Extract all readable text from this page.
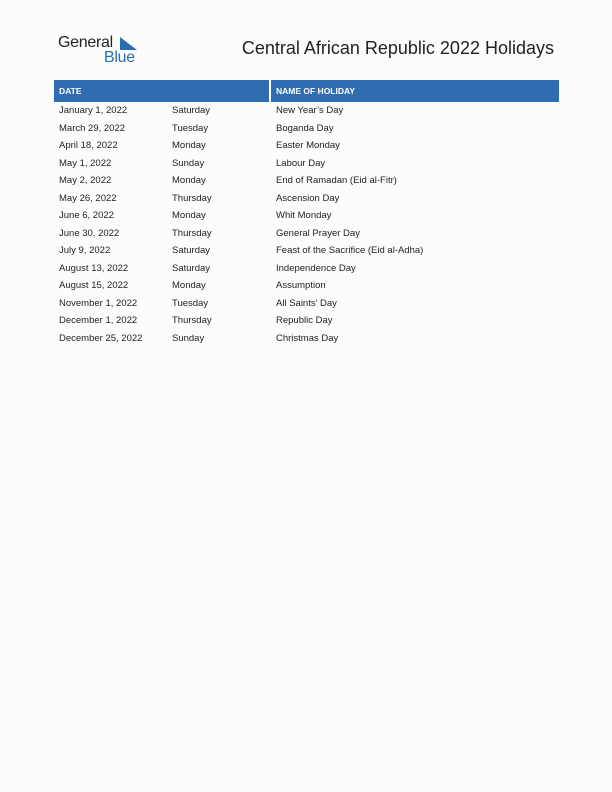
General
Blue	Central African Republic 2022 Holidays
DATE	NAME OF HOLIDAY
January 1, 2022	Saturday	New Year’s Day
March 29, 2022	Tuesday	Boganda Day
April 18, 2022	Monday	Easter Monday
May 1, 2022	Sunday	Labour Day
May 2, 2022	Monday	End of Ramadan (Eid al-Fitr)
May 26, 2022	Thursday	Ascension Day
June 6, 2022	Monday	Whit Monday
June 30, 2022	Thursday	General Prayer Day
July 9, 2022	Saturday	Feast of the Sacrifice (Eid al-Adha)
August 13, 2022	Saturday	Independence Day
August 15, 2022	Monday	Assumption
November 1, 2022	Tuesday	All Saints’ Day
December 1, 2022	Thursday	Republic Day
December 25, 2022	Sunday	Christmas Day
